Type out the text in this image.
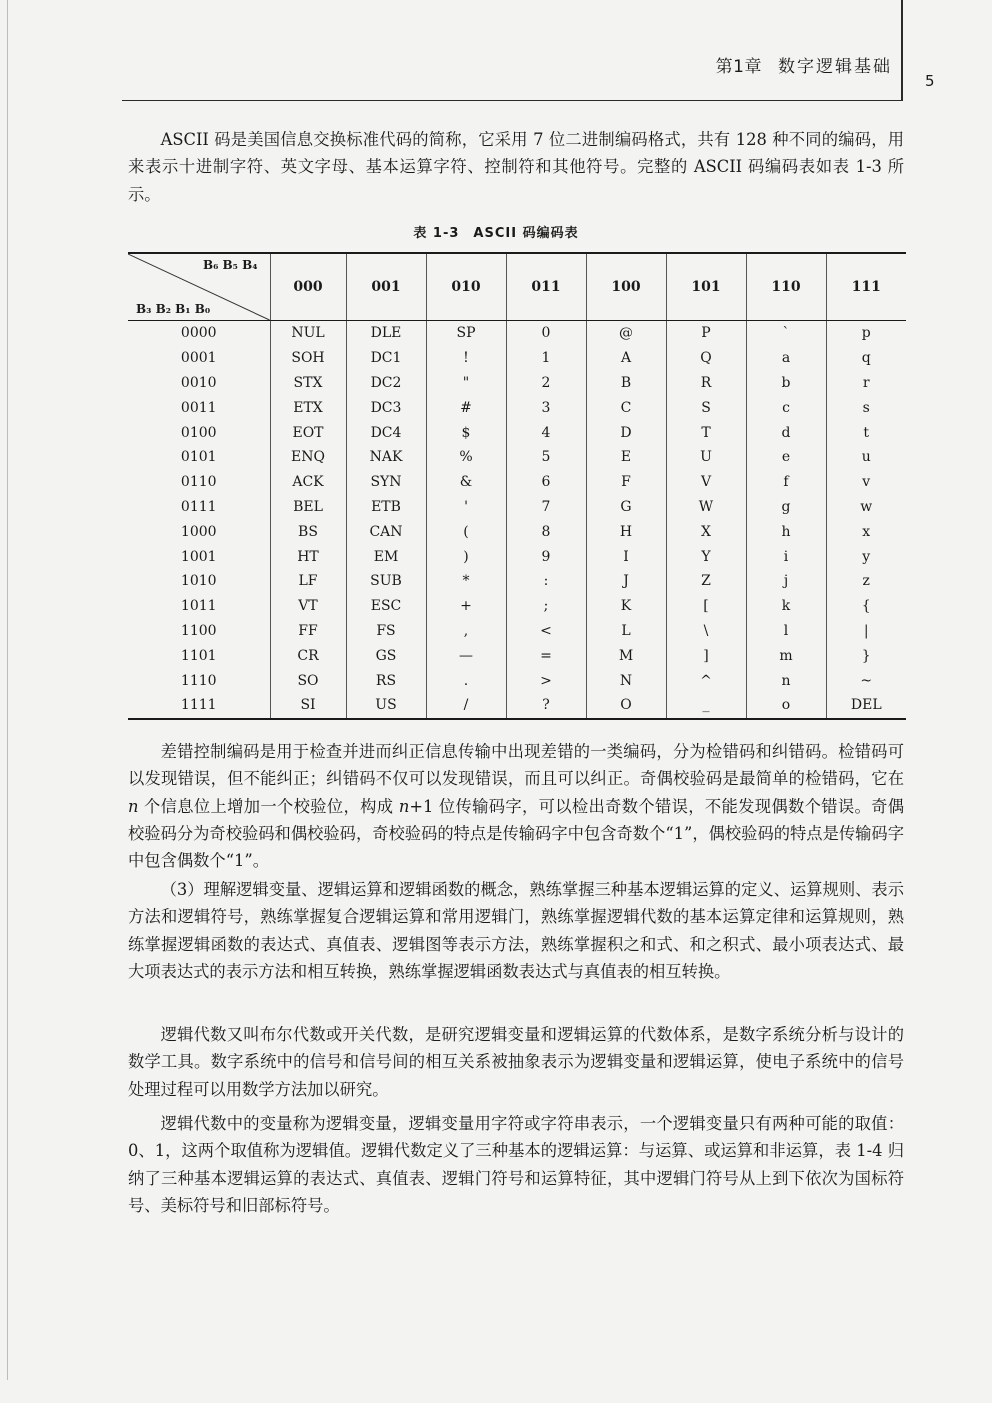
第1章 数字逻辑基础
5

ASCII 码是美国信息交换标准代码的简称，它采用 7 位二进制编码格式，共有 128 种不同的编码，用来表示十进制字符、英文字母、基本运算字符、控制符和其他符号。完整的 ASCII 码编码表如表 1-3 所示。

表 1-3　ASCII 码编码表
B₆ B₅ B₄
B₃ B₂ B₁ B₀	000	001	010	011	100	101	110	111
0000	NUL	DLE	SP	0	@	P	`	p
0001	SOH	DC1	!	1	A	Q	a	q
0010	STX	DC2	"	2	B	R	b	r
0011	ETX	DC3	#	3	C	S	c	s
0100	EOT	DC4	$	4	D	T	d	t
0101	ENQ	NAK	%	5	E	U	e	u
0110	ACK	SYN	&	6	F	V	f	v
0111	BEL	ETB	'	7	G	W	g	w
1000	BS	CAN	(	8	H	X	h	x
1001	HT	EM	)	9	I	Y	i	y
1010	LF	SUB	*	:	J	Z	j	z
1011	VT	ESC	+	;	K	[	k	{
1100	FF	FS	,	<	L	\	l	|
1101	CR	GS	—	=	M	]	m	}
1110	SO	RS	.	>	N	^	n	~
1111	SI	US	/	?	O	_	o	DEL

差错控制编码是用于检查并进而纠正信息传输中出现差错的一类编码，分为检错码和纠错码。检错码可以发现错误，但不能纠正；纠错码不仅可以发现错误，而且可以纠正。奇偶校验码是最简单的检错码，它在 n 个信息位上增加一个校验位，构成 n+1 位传输码字，可以检出奇数个错误，不能发现偶数个错误。奇偶校验码分为奇校验码和偶校验码，奇校验码的特点是传输码字中包含奇数个“1”，偶校验码的特点是传输码字中包含偶数个“1”。

（3）理解逻辑变量、逻辑运算和逻辑函数的概念，熟练掌握三种基本逻辑运算的定义、运算规则、表示方法和逻辑符号，熟练掌握复合逻辑运算和常用逻辑门，熟练掌握逻辑代数的基本运算定律和运算规则，熟练掌握逻辑函数的表达式、真值表、逻辑图等表示方法，熟练掌握积之和式、和之积式、最小项表达式、最大项表达式的表示方法和相互转换，熟练掌握逻辑函数表达式与真值表的相互转换。

逻辑代数又叫布尔代数或开关代数，是研究逻辑变量和逻辑运算的代数体系，是数字系统分析与设计的数学工具。数字系统中的信号和信号间的相互关系被抽象表示为逻辑变量和逻辑运算，使电子系统中的信号处理过程可以用数学方法加以研究。

逻辑代数中的变量称为逻辑变量，逻辑变量用字符或字符串表示，一个逻辑变量只有两种可能的取值：0、1，这两个取值称为逻辑值。逻辑代数定义了三种基本的逻辑运算：与运算、或运算和非运算，表 1-4 归纳了三种基本逻辑运算的表达式、真值表、逻辑门符号和运算特征，其中逻辑门符号从上到下依次为国标符号、美标符号和旧部标符号。
